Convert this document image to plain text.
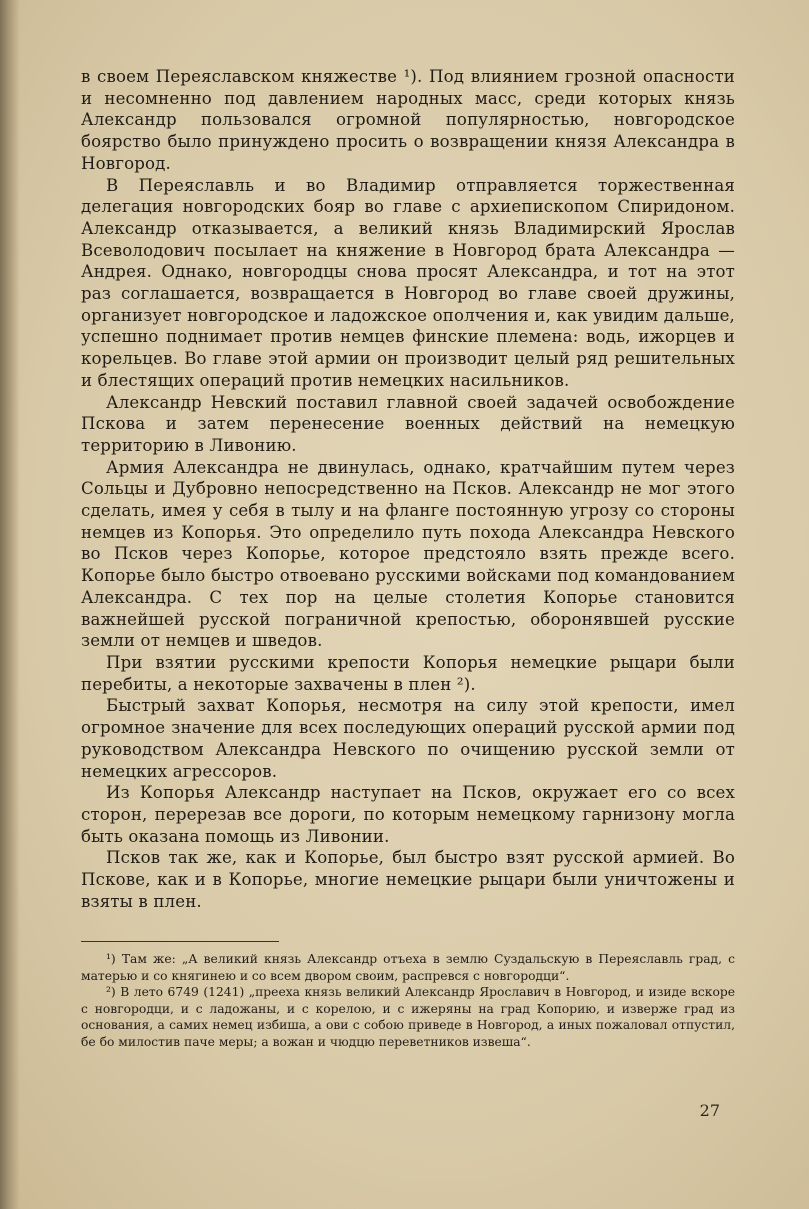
в своем Переяславском княжестве ¹). Под влиянием грозной опасности и несомненно под давлением народных масс, среди которых князь Александр пользовался огромной популярностью, новгородское боярство было принуждено просить о возвращении князя Александра в Новгород.

В Переяславль и во Владимир отправляется торжественная делегация новгородских бояр во главе с архиепископом Спиридоном. Александр отказывается, а великий князь Владимирский Ярослав Всеволодович посылает на княжение в Новгород брата Александра — Андрея. Однако, новгородцы снова просят Александра, и тот на этот раз соглашается, возвращается в Новгород во главе своей дружины, организует новгородское и ладожское ополчения и, как увидим дальше, успешно поднимает против немцев финские племена: водь, ижорцев и корельцев. Во главе этой армии он производит целый ряд решительных и блестящих операций против немецких насильников.

Александр Невский поставил главной своей задачей освобождение Пскова и затем перенесение военных действий на немецкую территорию в Ливонию.

Армия Александра не двинулась, однако, кратчайшим путем через Сольцы и Дубровно непосредственно на Псков. Александр не мог этого сделать, имея у себя в тылу и на фланге постоянную угрозу со стороны немцев из Копорья. Это определило путь похода Александра Невского во Псков через Копорье, которое предстояло взять прежде всего. Копорье было быстро отвоевано русскими войсками под командованием Александра. С тех пор на целые столетия Копорье становится важнейшей русской пограничной крепостью, оборонявшей русские земли от немцев и шведов.

При взятии русскими крепости Копорья немецкие рыцари были перебиты, а некоторые захвачены в плен ²).

Быстрый захват Копорья, несмотря на силу этой крепости, имел огромное значение для всех последующих операций русской армии под руководством Александра Невского по очищению русской земли от немецких агрессоров.

Из Копорья Александр наступает на Псков, окружает его со всех сторон, перерезав все дороги, по которым немецкому гарнизону могла быть оказана помощь из Ливонии.

Псков так же, как и Копорье, был быстро взят русской армией. Во Пскове, как и в Копорье, многие немецкие рыцари были уничтожены и взяты в плен.

¹) Там же: „А великий князь Александр отъеха в землю Суздальскую в Переяславль град, с матерью и со княгинею и со всем двором своим, распревся с новгородци“.

²) В лето 6749 (1241) „прееха князь великий Александр Ярославич в Новгород, и изиде вскоре с новгородци, и с ладожаны, и с корелою, и с ижеряны на град Копорию, и изверже град из основания, а самих немец избиша, а ови с собою приведе в Новгород, а иных пожаловал отпустил, бе бо милостив паче меры; а вожан и чюдцю переветников извеша“.

27
